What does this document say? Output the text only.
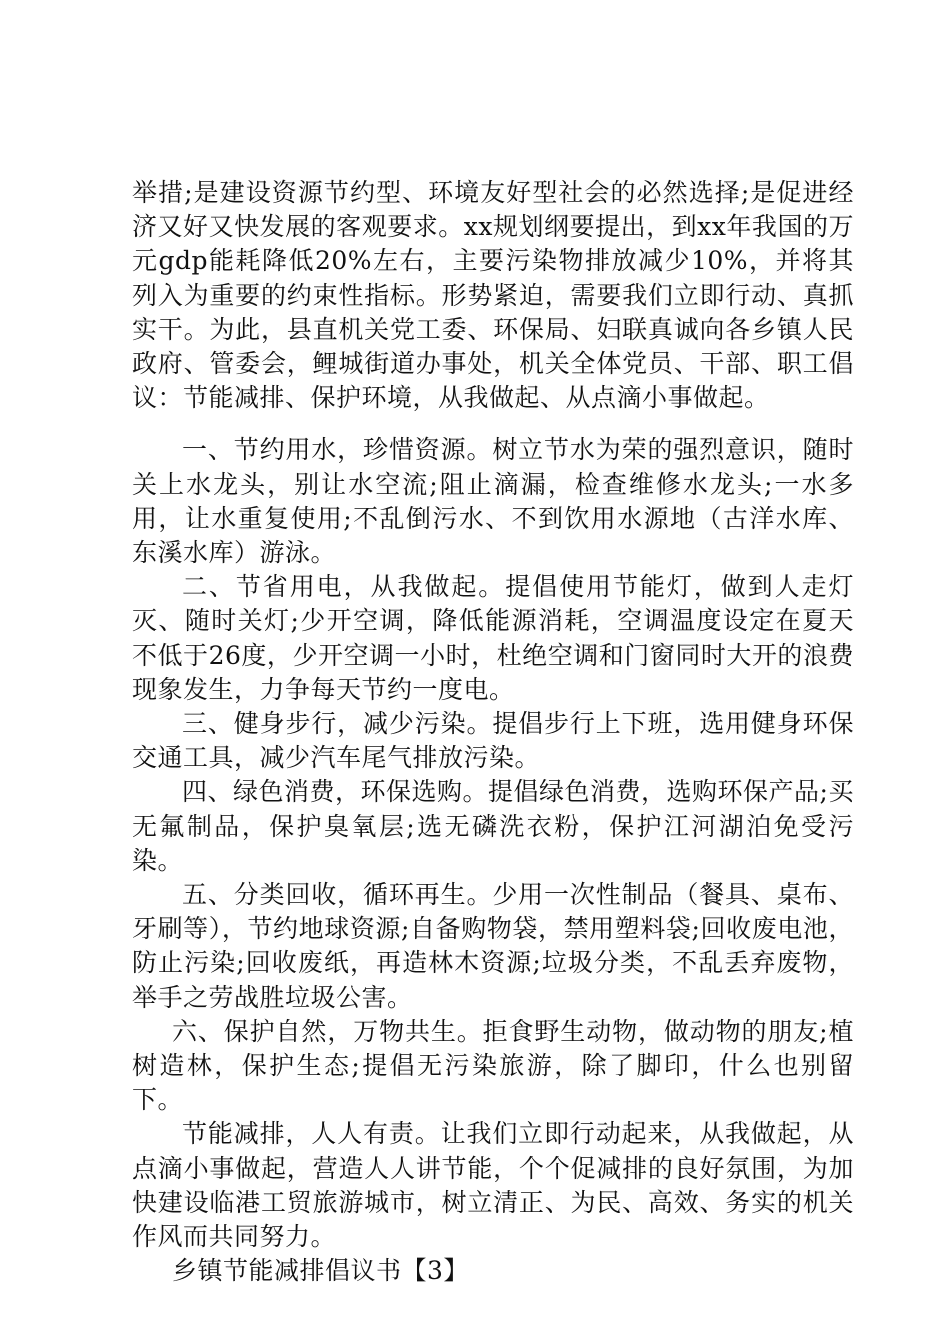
举措;是建设资源节约型、环境友好型社会的必然选择;是促进经济又好又快发展的客观要求。xx规划纲要提出，到xx年我国的万元gdp能耗降低20%左右，主要污染物排放减少10%，并将其列入为重要的约束性指标。形势紧迫，需要我们立即行动、真抓实干。为此，县直机关党工委、环保局、妇联真诚向各乡镇人民政府、管委会，鲤城街道办事处，机关全体党员、干部、职工倡议：节能减排、保护环境，从我做起、从点滴小事做起。

一、节约用水，珍惜资源。树立节水为荣的强烈意识，随时关上水龙头，别让水空流;阻止滴漏，检查维修水龙头;一水多用，让水重复使用;不乱倒污水、不到饮用水源地（古洋水库、东溪水库）游泳。

二、节省用电，从我做起。提倡使用节能灯，做到人走灯灭、随时关灯;少开空调，降低能源消耗，空调温度设定在夏天不低于26度，少开空调一小时，杜绝空调和门窗同时大开的浪费现象发生，力争每天节约一度电。

三、健身步行，减少污染。提倡步行上下班，选用健身环保交通工具，减少汽车尾气排放污染。

四、绿色消费，环保选购。提倡绿色消费，选购环保产品;买无氟制品，保护臭氧层;选无磷洗衣粉，保护江河湖泊免受污染。

五、分类回收，循环再生。少用一次性制品（餐具、桌布、牙刷等），节约地球资源;自备购物袋，禁用塑料袋;回收废电池，防止污染;回收废纸，再造林木资源;垃圾分类，不乱丢弃废物，举手之劳战胜垃圾公害。

六、保护自然，万物共生。拒食野生动物，做动物的朋友;植树造林，保护生态;提倡无污染旅游，除了脚印，什么也别留下。

节能减排，人人有责。让我们立即行动起来，从我做起，从点滴小事做起，营造人人讲节能，个个促减排的良好氛围，为加快建设临港工贸旅游城市，树立清正、为民、高效、务实的机关作风而共同努力。

乡镇节能减排倡议书【3】
